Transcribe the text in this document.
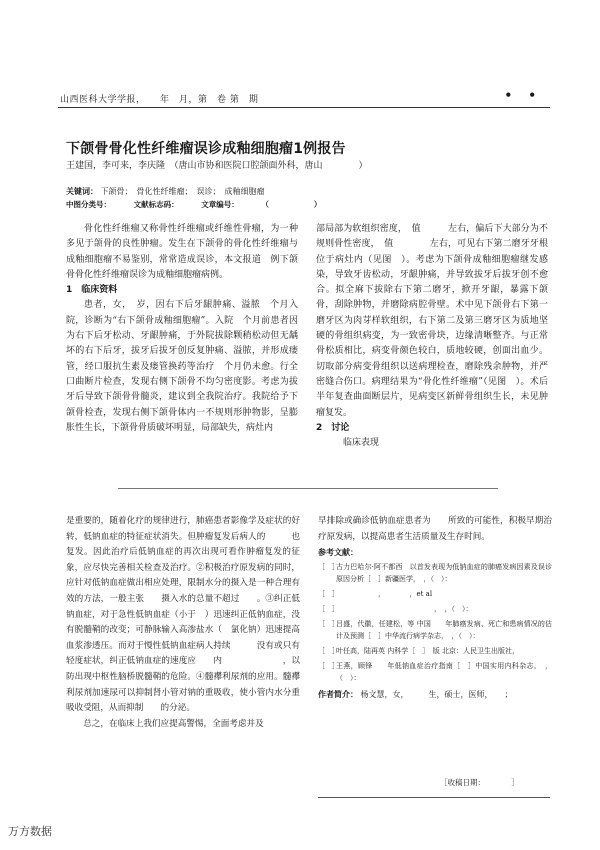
山西医科大学学报，　　年　月，第　卷 第　期	• •
下颌骨骨化性纤维瘤误诊成釉细胞瘤1例报告
王建国，李可来，李庆隆　（唐山市协和医院口腔颌面外科，唐山　　　　）
关键词： 下颌骨；　骨化性纤维瘤；　误诊；　成釉细胞瘤
中图分类号：	文献标志码：	文章编号：	（　　　　　　）

骨化性纤维瘤又称骨性纤维瘤或纤维性骨瘤，为一种多见于颌骨的良性肿瘤。发生在下颌骨的骨化性纤维瘤与成釉细胞瘤不易鉴别，常常造成误诊，本文报道　例下颌骨骨化性纤维瘤误诊为成釉细胞瘤病例。

1　临床资料

患者，女，　岁，因右下后牙龈肿痛、溢脓　个月入院，诊断为“右下颌骨成釉细胞瘤”。入院　个月前患者因为右下后牙松动、牙龈肿痛，于外院拔除颗稍松动但无龋坏的右下后牙，拔牙后拔牙创反复肿痛、溢脓，并形成瘘管，经口服抗生素及瘘管换药等治疗　个月仍未愈。行全口曲断片检查，发现右侧下颌骨不均匀密度影。考虑为拔牙后导致下颌骨骨髓炎，建议到全我院治疗。我院给予下颌骨检查，发现右侧下颌骨体内一不规则形肿物影，呈膨胀性生长，下颌骨骨质破坏明显，局部缺失，病灶内

部局部为软组织密度，　值　　　左右，偏后下大部分为不规则骨性密度，　值　　　　左右，可见右下第二磨牙牙根位于病灶内（见图　）。考虑为下颌骨成釉细胞瘤继发感染，导致牙齿松动，牙龈肿痛，并导致拔牙后拔牙创不愈合。拟全麻下拔除右下第二磨牙，掀开牙龈，暴露下颌骨，刮除肿物，并磨除病腔骨壁。术中见下颌骨右下第一磨牙区为肉芽样软组织，右下第二及第三磨牙区为质地坚硬的骨组织病变，为一致密骨块，边缘清晰整齐。与正常骨松质相比，病变骨颜色较白，质地较硬，创面出血少。切取部分病变骨组织以送病理检查，磨除残余肿物，并严密缝合伤口。病理结果为“骨化性纤维瘤”（见图　）。术后半年复查曲面断层片，见病变区新鲜骨组织生长，未见肿瘤复发。

2　讨论

　临床表现

是重要的，随着化疗的规律进行，肺癌患者影像学及症状的好转，低钠血症的特征症状消失。但肿瘤复发后病人的　　　也复发。因此治疗后低钠血症的再次出现可看作肿瘤复发的征象，应尽快完善相关检查及治疗。②积极治疗原发病的同时，应针对低钠血症做出相应处理，限制水分的摄入是一种合理有效的方法，一般主张　　摄入水的总量不超过　　。③纠正低钠血症，对于急性低钠血症（小于　）迅速纠正低钠血症，没有脱髓鞘的改变；可静脉输入高渗盐水（　氯化钠）迅速提高血浆渗透压。而对于慢性低钠血症病人持续　　　没有或只有轻度症状，纠正低钠血症的速度应　　内　　　　　　　，以防出现中枢性脑桥脱髓鞘的危险。④髓襻利尿剂的应用。髓襻利尿剂加速尿可以抑制肾小管对钠的重吸收，使小管内水分重吸收受阻，从而抑制　　的分泌。

总之，在临床上我们应提高警惕，全面考虑并及

早排除或确诊低钠血症患者为　　所致的可能性，积极早期治疗原发病，以提高患者生活质量及生存时间。

参考文献：

［　］
古力巴哈尔·阿不都西　以首发表现为低钠血症的肺癌发病因素及误诊原因分析［　］新疆医学，　，（　）：
［　］
　　　　　　，　　　　，et al
［　］
　　　　　　　　　　　　　　，　，（　）：
［　］
吕盛，代徽，任建松，等 中国　　年肺癌发病、死亡和患病情况的估计及预测［　］中华流行病学杂志，　，（　）：
［　］
叶任高，陆再英 内科学［　］　版 北京：人民卫生出版社，
［　］
王燕，顾锋　　年低钠血症治疗指南［　］中国实用内科杂志，　，（　）：

作者简介： 杨文慧，女，　　　生，硕士，医师，　　；

［收稿日期：　　　　］
万方数据
